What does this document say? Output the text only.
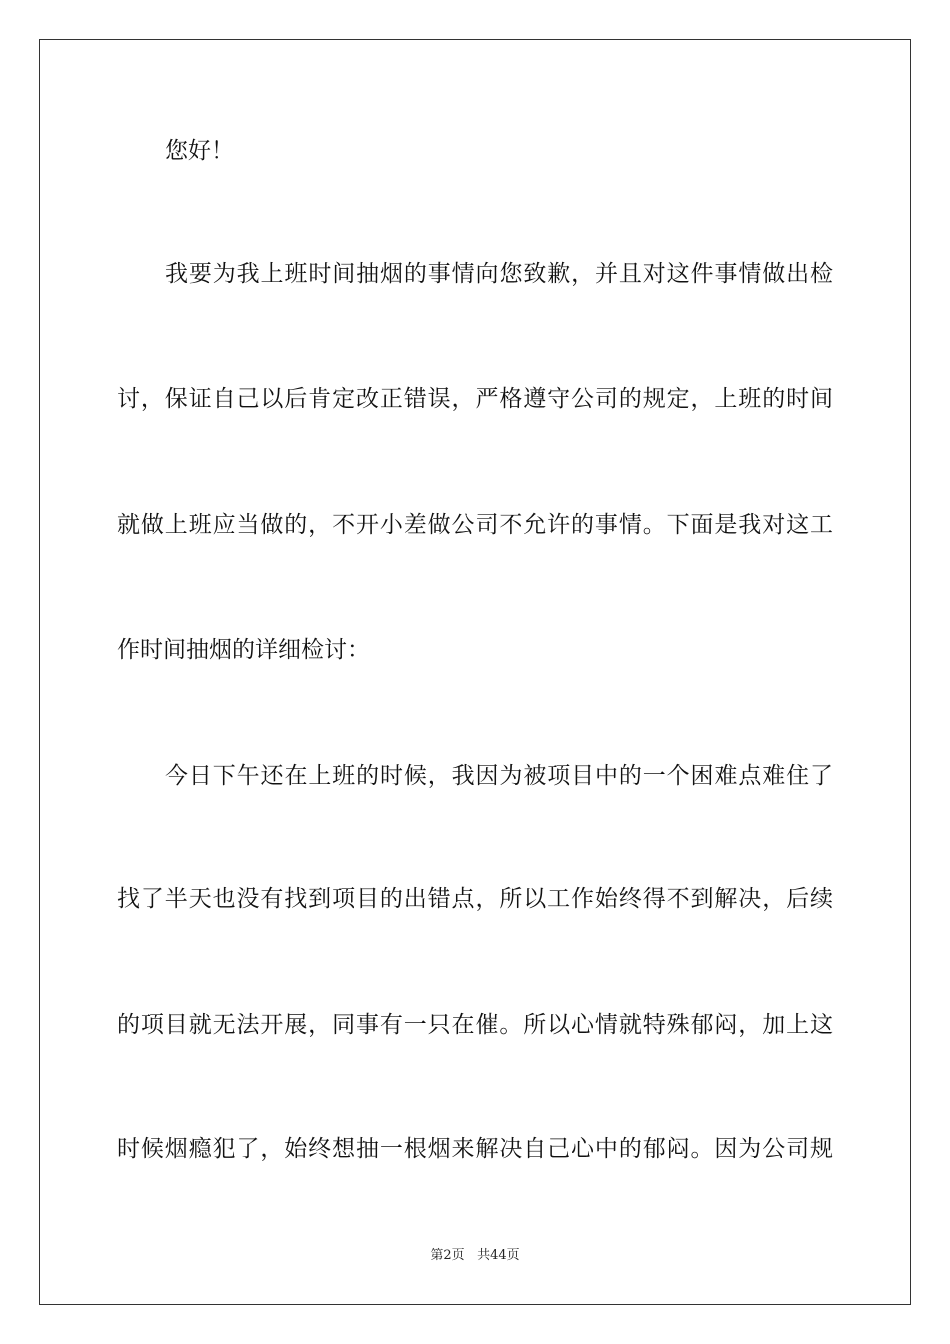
您好！
我要为我上班时间抽烟的事情向您致歉，并且对这件事情做出检
讨，保证自己以后肯定改正错误，严格遵守公司的规定，上班的时间
就做上班应当做的，不开小差做公司不允许的事情。下面是我对这工
作时间抽烟的详细检讨：
今日下午还在上班的时候，我因为被项目中的一个困难点难住了
找了半天也没有找到项目的出错点，所以工作始终得不到解决，后续
的项目就无法开展，同事有一只在催。所以心情就特殊郁闷，加上这
时候烟瘾犯了，始终想抽一根烟来解决自己心中的郁闷。因为公司规
第2页 共44页
